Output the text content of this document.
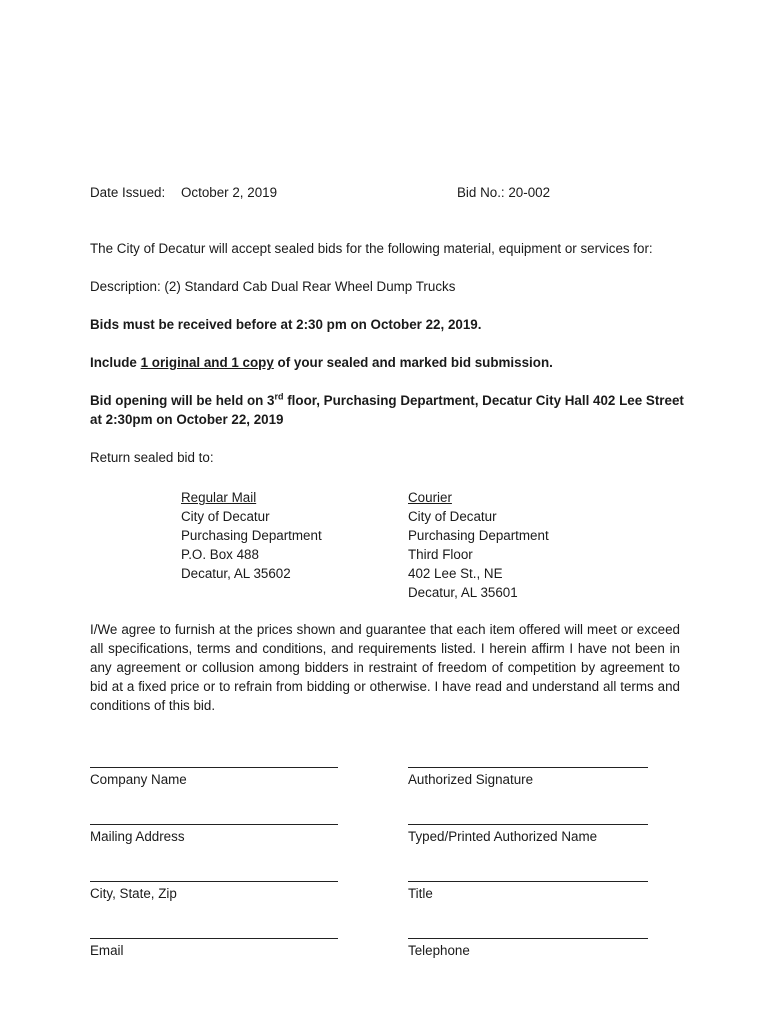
Date Issued: October 2, 2019	Bid No.: 20-002
The City of Decatur will accept sealed bids for the following material, equipment or services for:
Description: (2) Standard Cab Dual Rear Wheel Dump Trucks
Bids must be received before at 2:30 pm on October 22, 2019.
Include 1 original and 1 copy of your sealed and marked bid submission.
Bid opening will be held on 3rd floor, Purchasing Department, Decatur City Hall 402 Lee Street
at 2:30pm on October 22, 2019
Return sealed bid to:
Regular Mail
City of Decatur
Purchasing Department
P.O. Box 488
Decatur, AL 35602
Courier
City of Decatur
Purchasing Department
Third Floor
402 Lee St., NE
Decatur, AL 35601
I/We agree to furnish at the prices shown and guarantee that each item offered will meet or exceed all specifications, terms and conditions, and requirements listed. I herein affirm I have not been in any agreement or collusion among bidders in restraint of freedom of competition by agreement to bid at a fixed price or to refrain from bidding or otherwise. I have read and understand all terms and conditions of this bid.
Company Name	Authorized Signature
Mailing Address	Typed/Printed Authorized Name
City, State, Zip	Title
Email	Telephone
